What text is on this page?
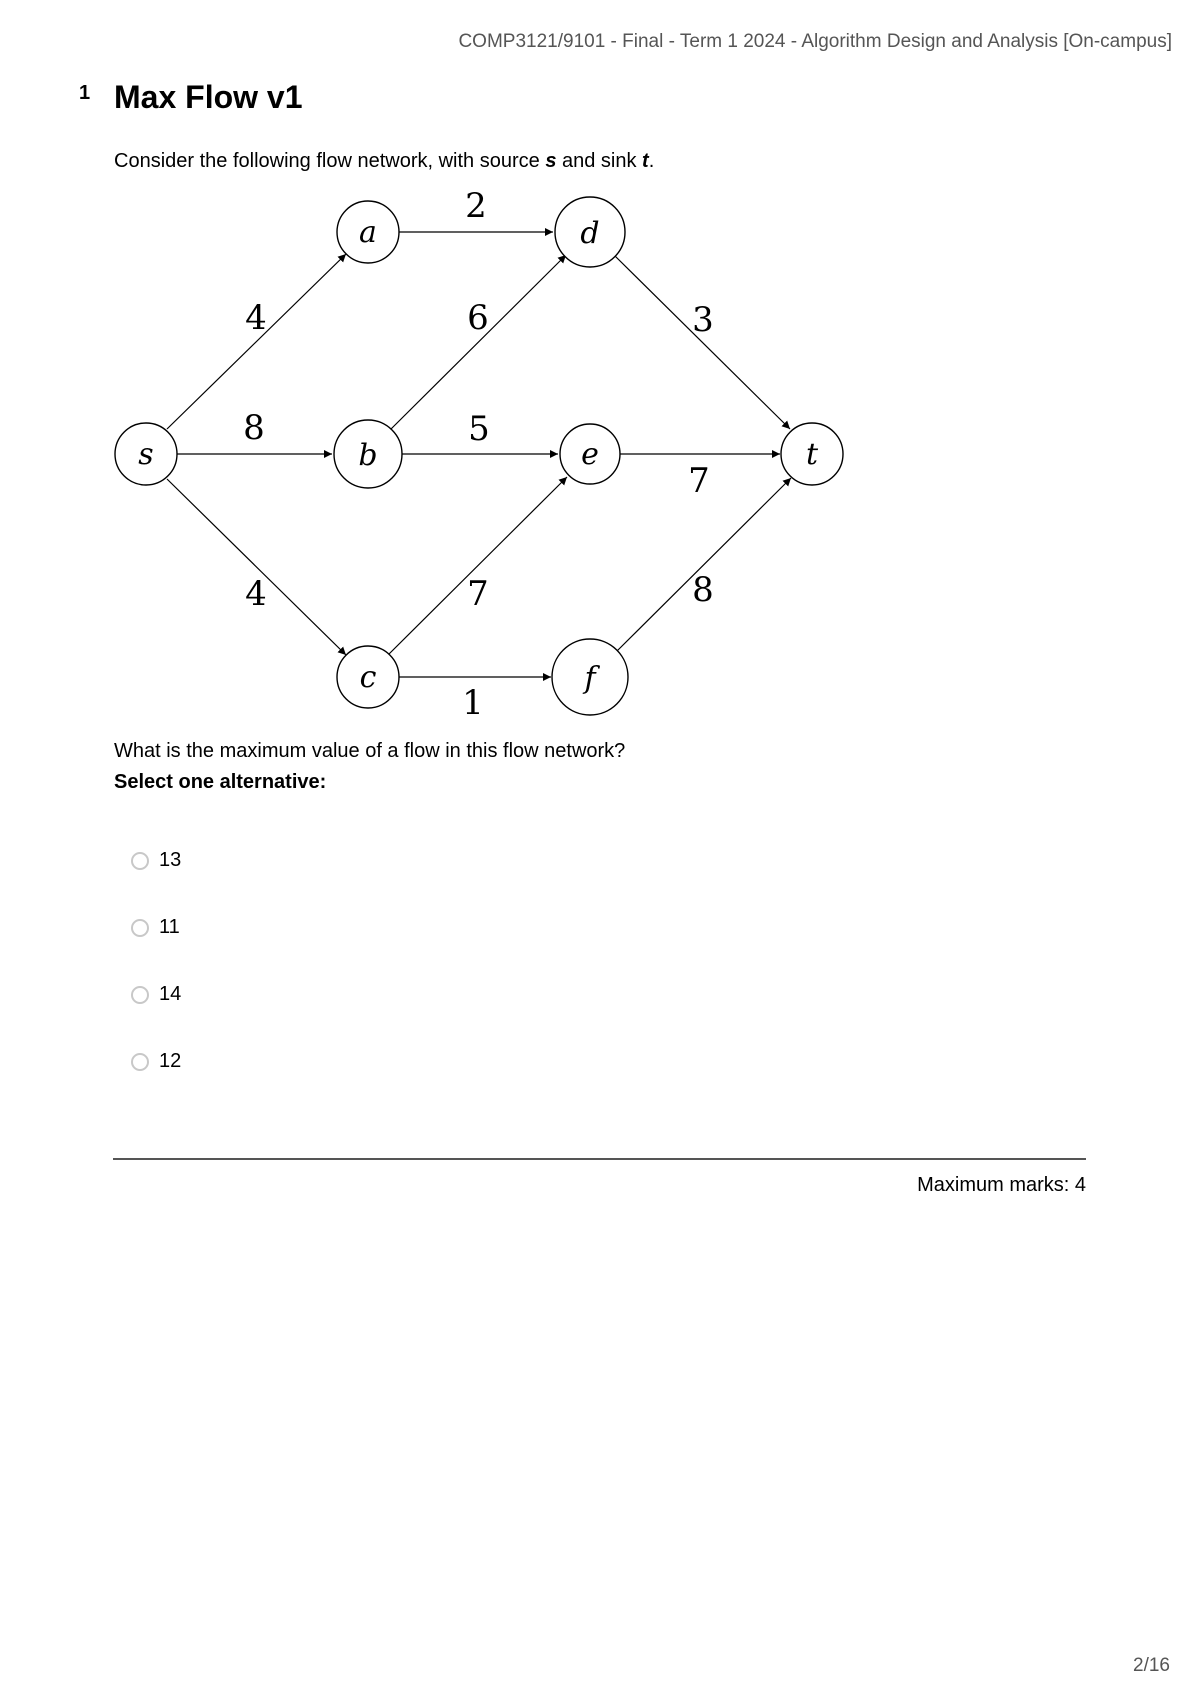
COMP3121/9101 - Final - Term 1 2024 - Algorithm Design and Analysis [On-campus]
1 Max Flow v1
Consider the following flow network, with source s and sink t.
s
a
b
c
d
e
f
t
2
4	6	3
8	5
7
4	7	8
1
What is the maximum value of a flow in this flow network?
Select one alternative:
13
11
14
12
Maximum marks: 4
2/16
